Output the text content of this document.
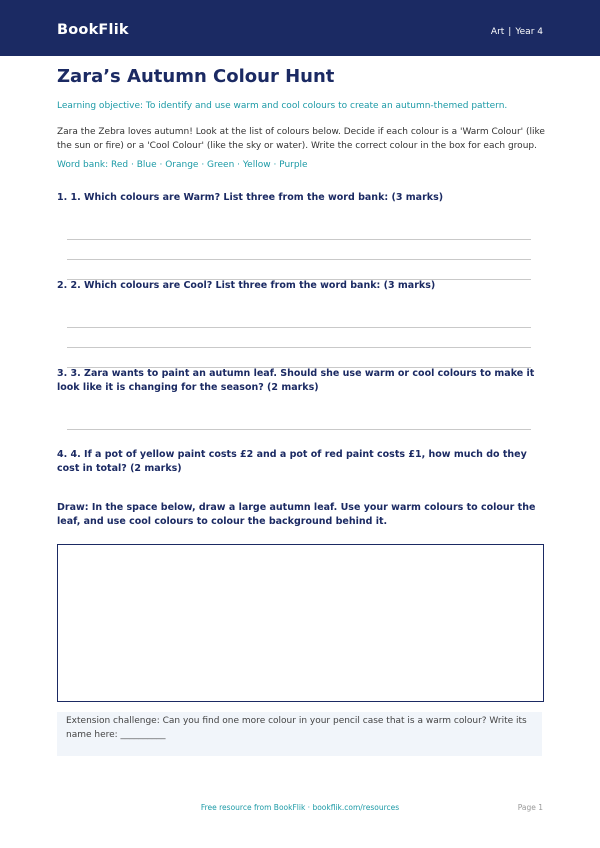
BookFlik	Art | Year 4
Zara’s Autumn Colour Hunt

Learning objective: To identify and use warm and cool colours to create an autumn-themed pattern.

Zara the Zebra loves autumn! Look at the list of colours below. Decide if each colour is a 'Warm Colour' (like the sun or fire) or a 'Cool Colour' (like the sky or water). Write the correct colour in the box for each group.

Word bank: Red · Blue · Orange · Green · Yellow · Purple

1. 1. Which colours are Warm? List three from the word bank: (3 marks)

2. 2. Which colours are Cool? List three from the word bank: (3 marks)

3. 3. Zara wants to paint an autumn leaf. Should she use warm or cool colours to make it look like it is changing for the season? (2 marks)

4. 4. If a pot of yellow paint costs £2 and a pot of red paint costs £1, how much do they cost in total? (2 marks)

Draw: In the space below, draw a large autumn leaf. Use your warm colours to colour the leaf, and use cool colours to colour the background behind it.

Extension challenge: Can you find one more colour in your pencil case that is a warm colour? Write its name here: __________

Free resource from BookFlik · bookflik.com/resources	Page 1
